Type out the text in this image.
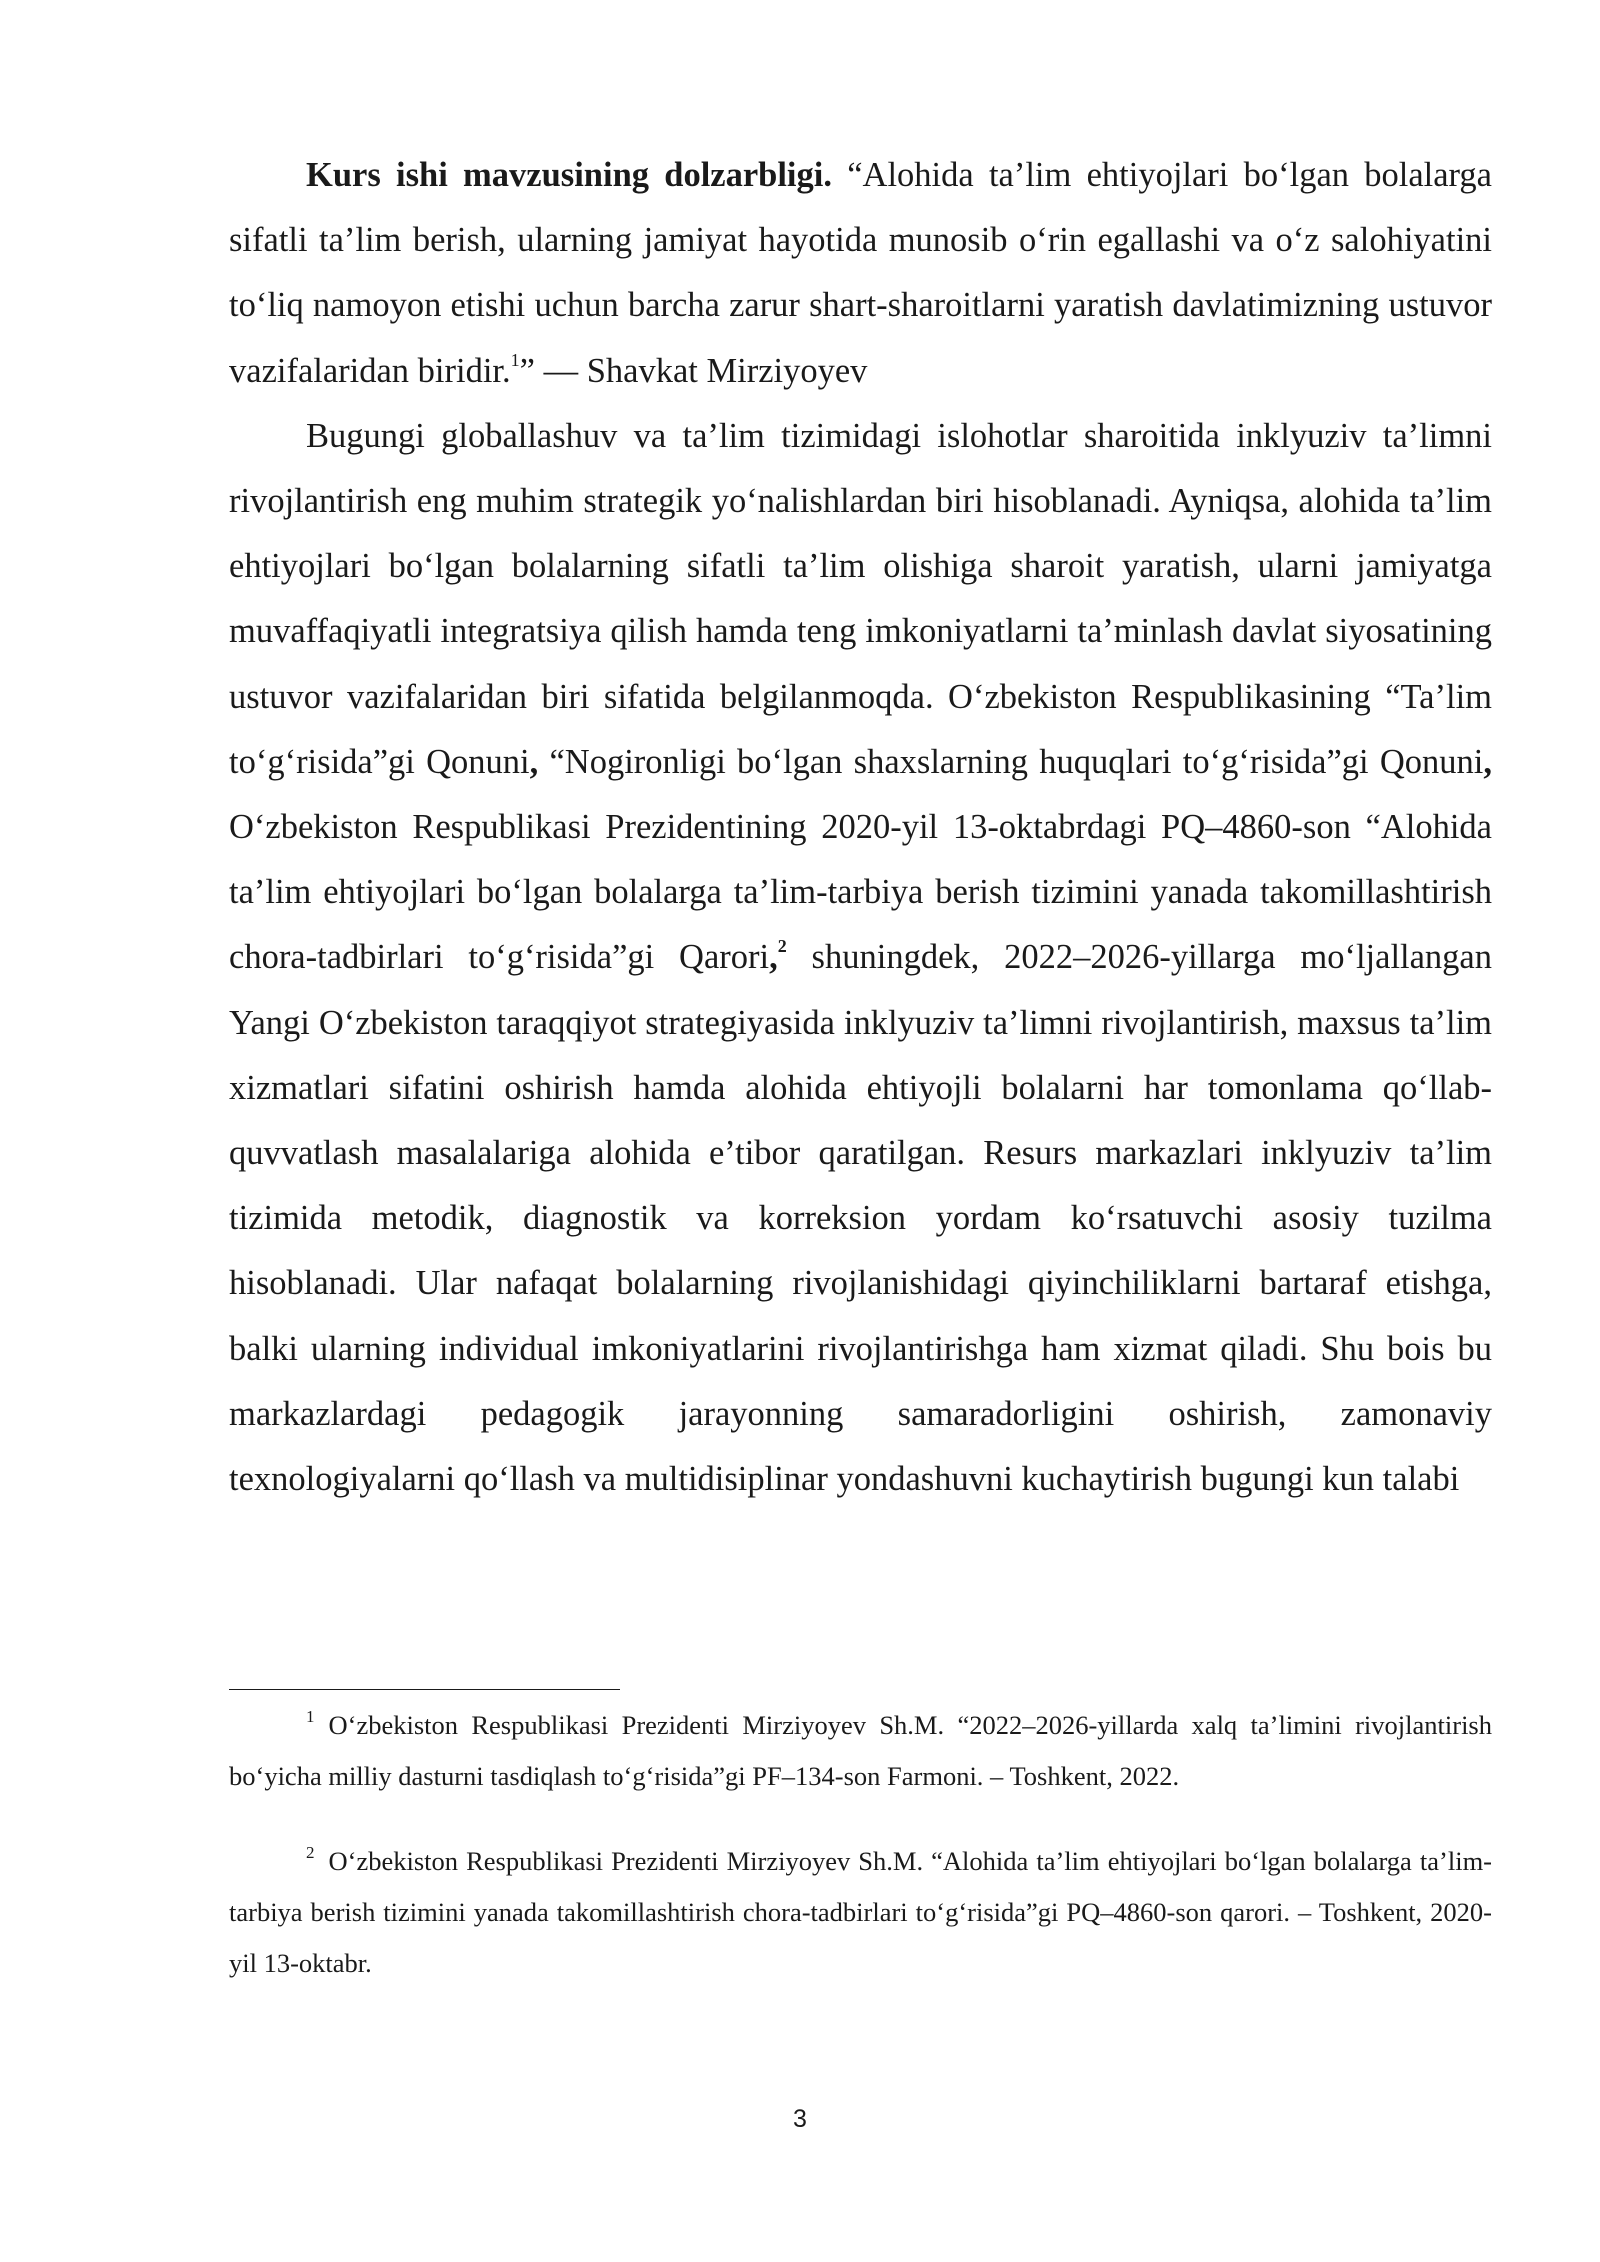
Kurs ishi mavzusining dolzarbligi. “Alohida ta’lim ehtiyojlari bo‘lgan bolalarga sifatli ta’lim berish, ularning jamiyat hayotida munosib o‘rin egallashi va o‘z salohiyatini to‘liq namoyon etishi uchun barcha zarur shart-sharoitlarni yaratish davlatimizning ustuvor vazifalaridan biridir.$^1$” — Shavkat Mirziyoyev

Bugungi globallashuv va ta’lim tizimidagi islohotlar sharoitida inklyuziv ta’limni rivojlantirish eng muhim strategik yo‘nalishlardan biri hisoblanadi. Ayniqsa, alohida ta’lim ehtiyojlari bo‘lgan bolalarning sifatli ta’lim olishiga sharoit yaratish, ularni jamiyatga muvaffaqiyatli integratsiya qilish hamda teng imkoniyatlarni ta’minlash davlat siyosatining ustuvor vazifalaridan biri sifatida belgilanmoqda. O‘zbekiston Respublikasining “Ta’lim to‘g‘risida”gi Qonuni, “Nogironligi bo‘lgan shaxslarning huquqlari to‘g‘risida”gi Qonuni, O‘zbekiston Respublikasi Prezidentining 2020-yil 13-oktabrdagi PQ–4860-son “Alohida ta’lim ehtiyojlari bo‘lgan bolalarga ta’lim-tarbiya berish tizimini yanada takomillashtirish chora-tadbirlari to‘g‘risida”gi Qarori,$^2$ shuningdek, 2022–2026-yillarga mo‘ljallangan Yangi O‘zbekiston taraqqiyot strategiyasida inklyuziv ta’limni rivojlantirish, maxsus ta’lim xizmatlari sifatini oshirish hamda alohida ehtiyojli bolalarni har tomonlama qo‘llab-quvvatlash masalalariga alohida e’tibor qaratilgan. Resurs markazlari inklyuziv ta’lim tizimida metodik, diagnostik va korreksion yordam ko‘rsatuvchi asosiy tuzilma hisoblanadi. Ular nafaqat bolalarning rivojlanishidagi qiyinchiliklarni bartaraf etishga, balki ularning individual imkoniyatlarini rivojlantirishga ham xizmat qiladi. Shu bois bu markazlardagi pedagogik jarayonning samaradorligini oshirish, zamonaviy texnologiyalarni qo‘llash va multidisiplinar yondashuvni kuchaytirish bugungi kun talabi

$^1$ O‘zbekiston Respublikasi Prezidenti Mirziyoyev Sh.M. “2022–2026-yillarda xalq ta’limini rivojlantirish bo‘yicha milliy dasturni tasdiqlash to‘g‘risida”gi PF–134-son Farmoni. – Toshkent, 2022.

$^2$ O‘zbekiston Respublikasi Prezidenti Mirziyoyev Sh.M. “Alohida ta’lim ehtiyojlari bo‘lgan bolalarga ta’lim-tarbiya berish tizimini yanada takomillashtirish chora-tadbirlari to‘g‘risida”gi PQ–4860-son qarori. – Toshkent, 2020-yil 13-oktabr.

3
